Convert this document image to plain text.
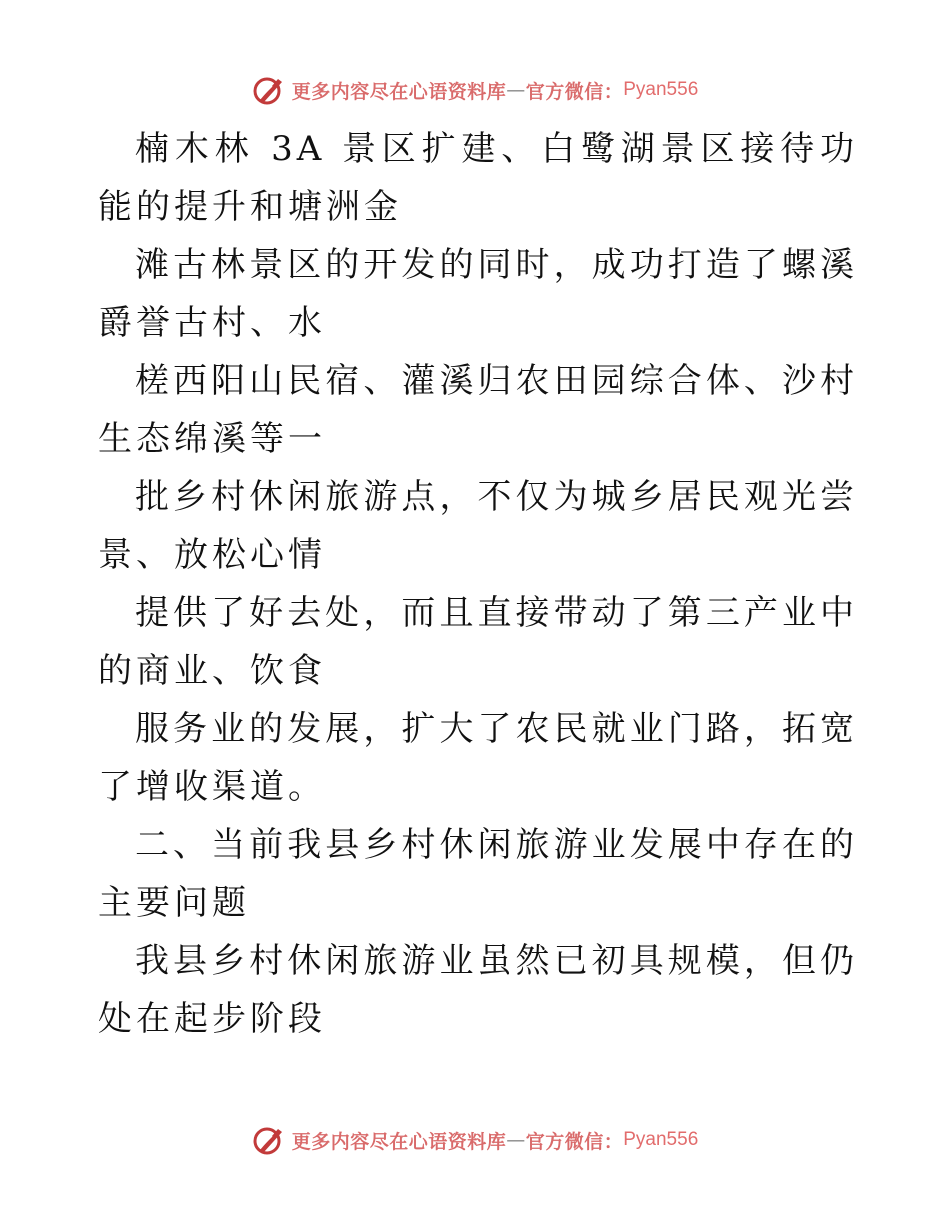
更多内容尽在心语资料库 — 官方微信： Pyan556

楠木林 3A 景区扩建、白鹭湖景区接待功能的提升和塘洲金

滩古林景区的开发的同时，成功打造了螺溪爵誉古村、水

槎西阳山民宿、灌溪归农田园综合体、沙村生态绵溪等一

批乡村休闲旅游点，不仅为城乡居民观光尝景、放松心情

提供了好去处，而且直接带动了第三产业中的商业、饮食

服务业的发展，扩大了农民就业门路，拓宽了增收渠道。

二、当前我县乡村休闲旅游业发展中存在的主要问题

我县乡村休闲旅游业虽然已初具规模，但仍处在起步阶段

更多内容尽在心语资料库 — 官方微信： Pyan556
